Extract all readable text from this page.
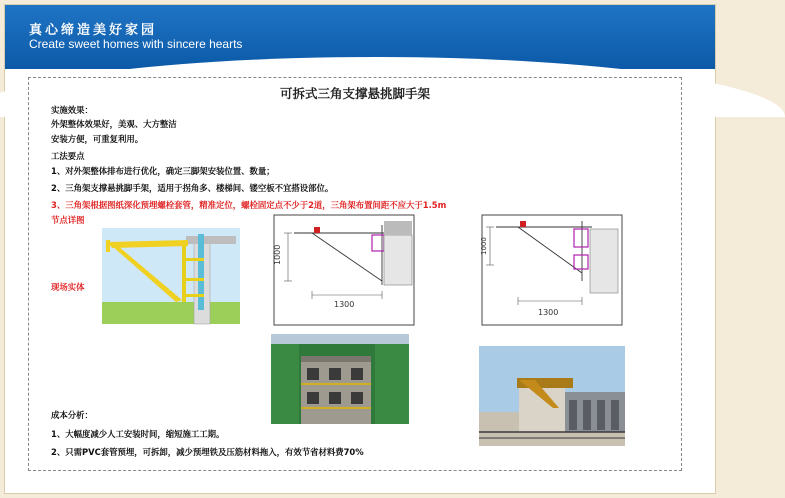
真心缔造美好家园
Create sweet homes with sincere hearts
可拆式三角支撑悬挑脚手架
实施效果：
外架整体效果好，美观、大方整洁
安装方便，可重复利用。
工法要点
1、对外架整体排布进行优化，确定三脚架安装位置、数量；
2、三角架支撑悬挑脚手架，适用于拐角多、楼梯间、镂空板不宜搭设部位。
3、三角架根据图纸深化预埋螺栓套管，精准定位，螺栓固定点不少于2道，三角架布置间距不应大于1.5m
节点详图
现场实体
成本分析：
1、大幅度减少人工安装时间，缩短施工工期。
2、只需PVC套管预埋，可拆卸，减少预埋铁及压筋材料拖入，有效节省材料费70%
1000
1300
1000
1300
